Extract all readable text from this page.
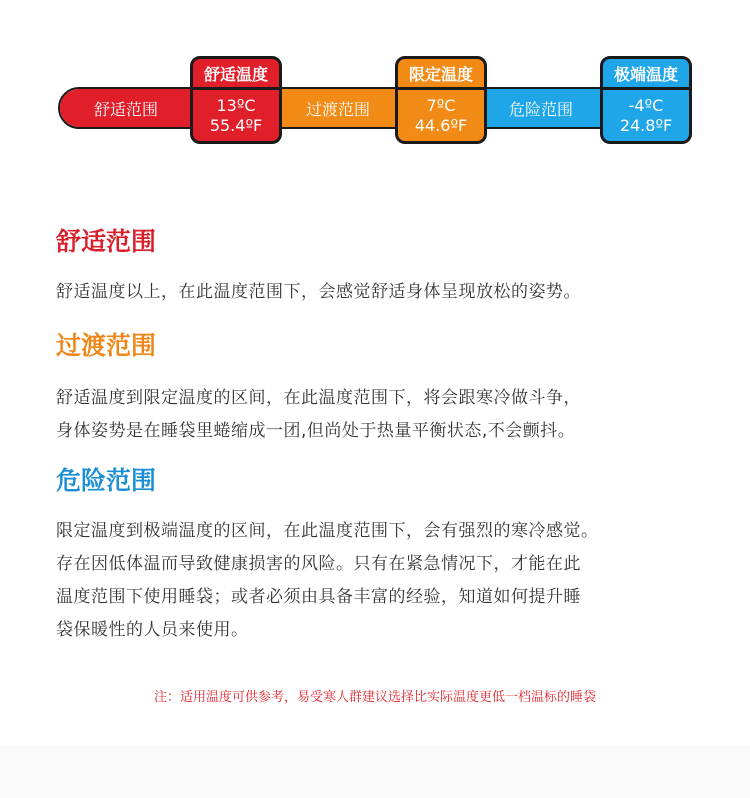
舒适范围	过渡范围	危险范围
舒适温度
13ºC
55.4ºF
限定温度
7ºC
44.6ºF
极端温度
-4ºC
24.8ºF
舒适范围

舒适温度以上，在此温度范围下，会感觉舒适身体呈现放松的姿势。

过渡范围

舒适温度到限定温度的区间，在此温度范围下，将会跟寒冷做斗争，
身体姿势是在睡袋里蜷缩成一团,但尚处于热量平衡状态,不会颤抖。

危险范围

限定温度到极端温度的区间，在此温度范围下，会有强烈的寒冷感觉。
存在因低体温而导致健康损害的风险。只有在紧急情况下，才能在此
温度范围下使用睡袋；或者必须由具备丰富的经验，知道如何提升睡
袋保暖性的人员来使用。

注：适用温度可供参考，易受寒人群建议选择比实际温度更低一档温标的睡袋
